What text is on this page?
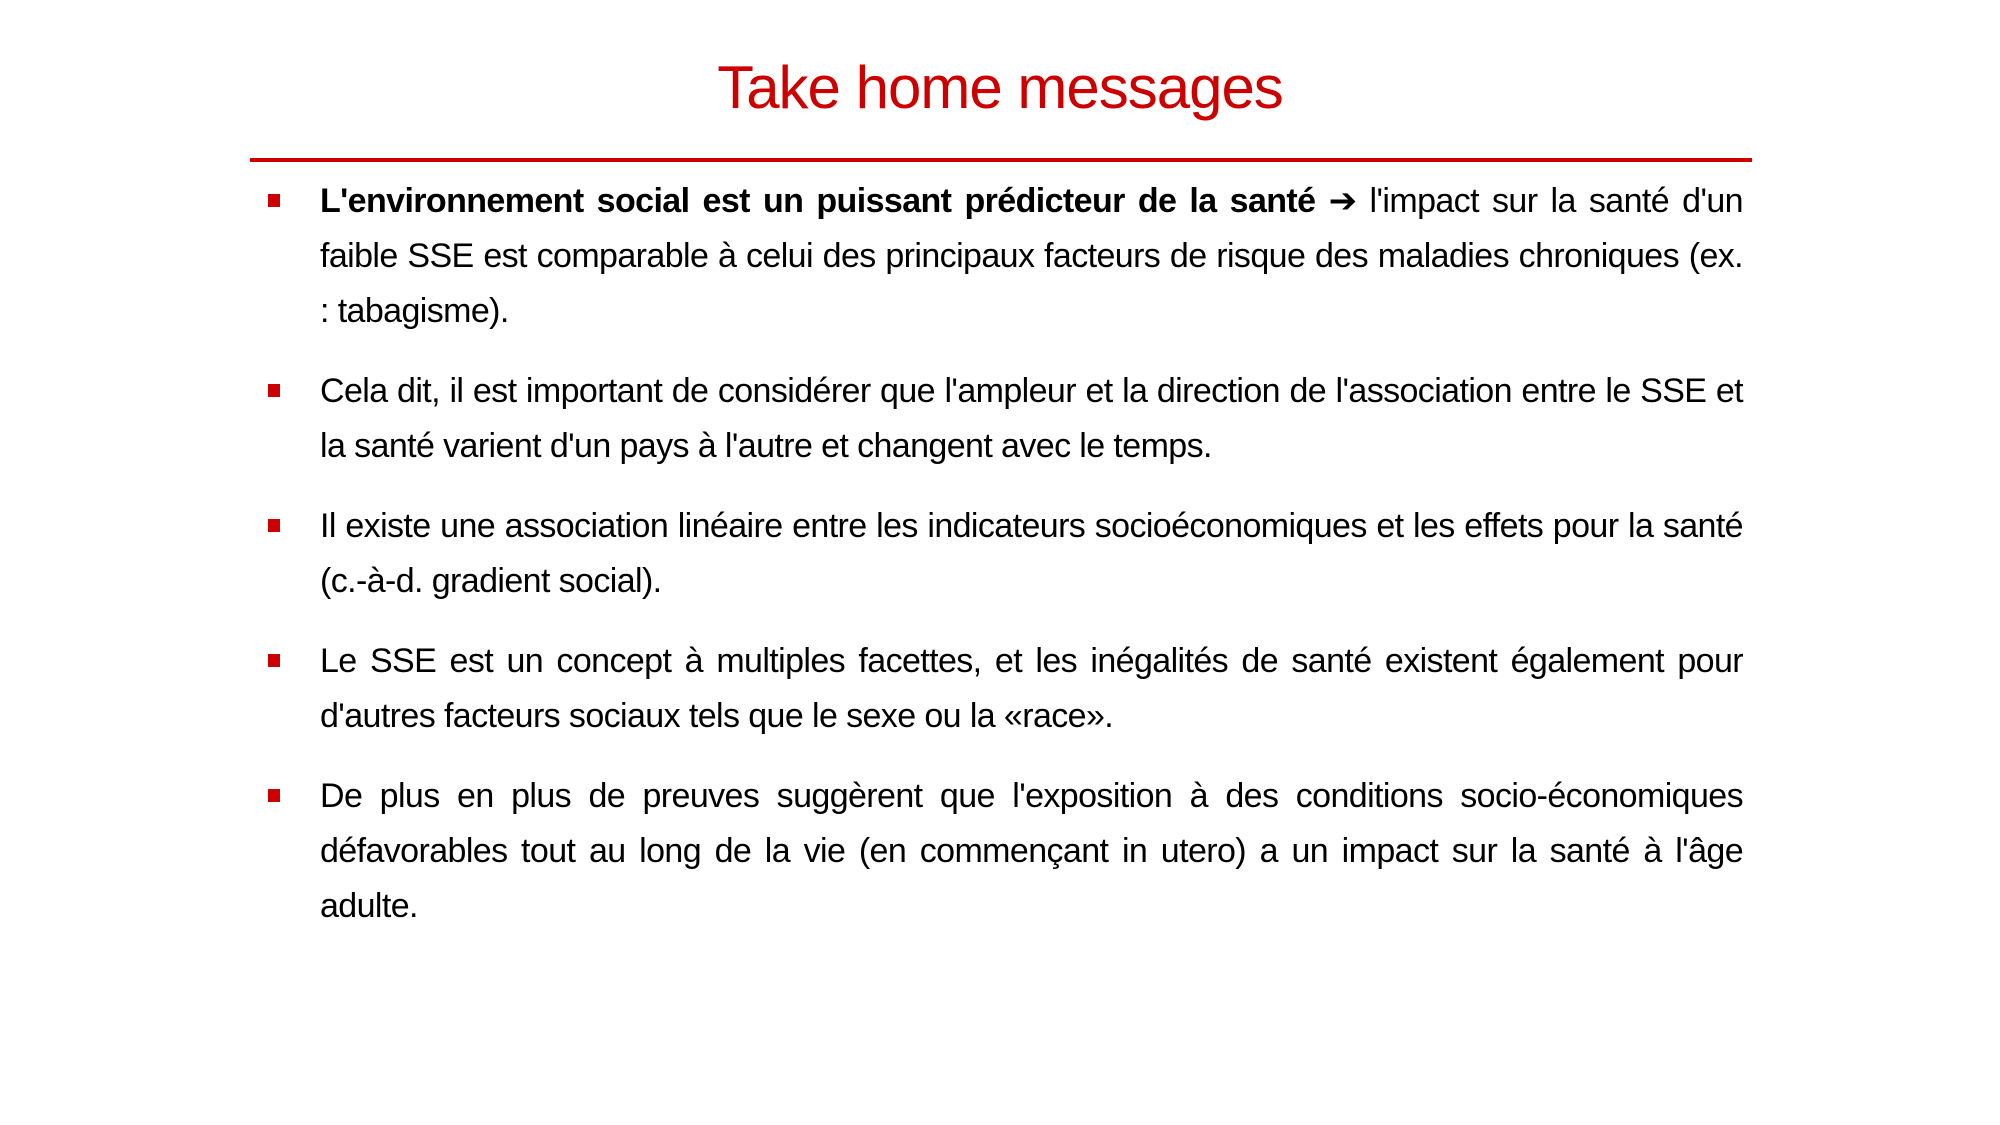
Take home messages
L'environnement social est un puissant prédicteur de la santé ➔ l'impact sur la santé d'un faible SSE est comparable à celui des principaux facteurs de risque des maladies chroniques (ex. : tabagisme).
Cela dit, il est important de considérer que l'ampleur et la direction de l'association entre le SSE et la santé varient d'un pays à l'autre et changent avec le temps.
Il existe une association linéaire entre les indicateurs socioéconomiques et les effets pour la santé (c.-à-d. gradient social).
Le SSE est un concept à multiples facettes, et les inégalités de santé existent également pour d'autres facteurs sociaux tels que le sexe ou la «race».
De plus en plus de preuves suggèrent que l'exposition à des conditions socio-économiques défavorables tout au long de la vie (en commençant in utero) a un impact sur la santé à l'âge adulte.
